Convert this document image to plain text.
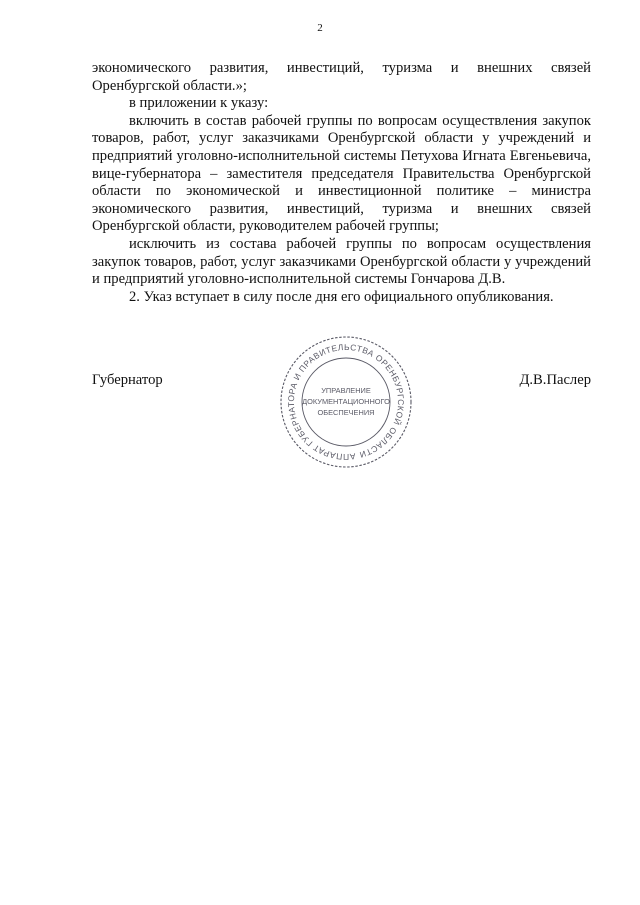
2

экономического развития, инвестиций, туризма и внешних связей Оренбургской области.»;

в приложении к указу:

включить в состав рабочей группы по вопросам осуществления закупок товаров, работ, услуг заказчиками Оренбургской области у учреждений и предприятий уголовно-исполнительной системы Петухова Игната Евгеньевича, вице-губернатора – заместителя председателя Правительства Оренбургской области по экономической и инвестиционной политике – министра экономического развития, инвестиций, туризма и внешних связей Оренбургской области, руководителем рабочей группы;

исключить из состава рабочей группы по вопросам осуществления закупок товаров, работ, услуг заказчиками Оренбургской области у учреждений и предприятий уголовно-исполнительной системы Гончарова Д.В.

2. Указ вступает в силу после дня его официального опубликования.

Губернатор	Д.В.Паслер
АППАРАТ ГУБЕРНАТОРА И ПРАВИТЕЛЬСТВА ОРЕНБУРГСКОЙ ОБЛАСТИ
УПРАВЛЕНИЕ
ДОКУМЕНТАЦИОННОГО
ОБЕСПЕЧЕНИЯ
